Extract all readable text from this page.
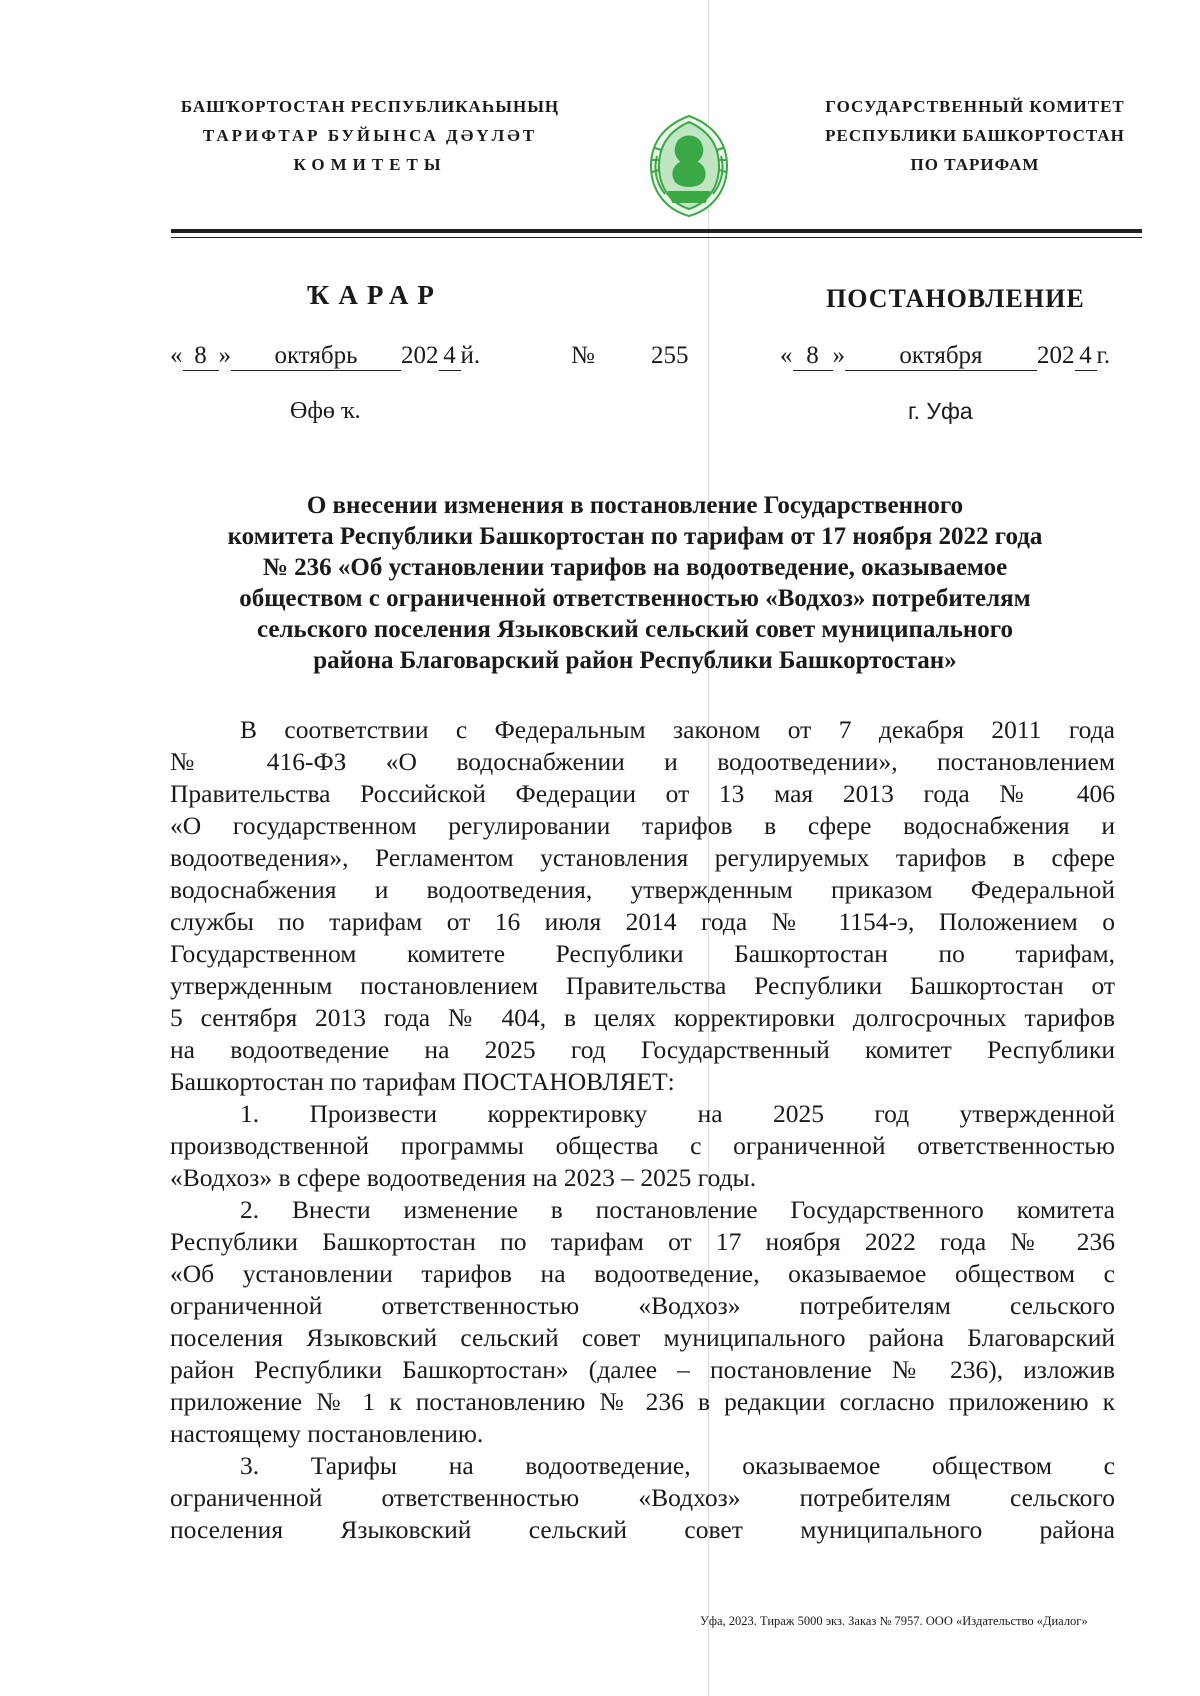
БАШҠОРТОСТАН РЕСПУБЛИКАҺЫНЫҢ
ТАРИФТАР БУЙЫНСА ДӘҮЛӘТ
КОМИТЕТЫ
ГОСУДАРСТВЕННЫЙ КОМИТЕТ
РЕСПУБЛИКИ БАШКОРТОСТАН
ПО ТАРИФАМ
ҠАРАР	ПОСТАНОВЛЕНИЕ
« 8 » октябрь 202 4 й.	№ 255	« 8 » октября 202 4 г.
Өфө ҡ.	г. Уфа
О внесении изменения в постановление Государственного
комитета Республики Башкортостан по тарифам от 17 ноября 2022 года
№ 236 «Об установлении тарифов на водоотведение, оказываемое
обществом с ограниченной ответственностью «Водхоз» потребителям
сельского поселения Языковский сельский совет муниципального
района Благоварский район Республики Башкортостан»
В соответствии с Федеральным законом от 7 декабря 2011 года
№ 416-ФЗ «О водоснабжении и водоотведении», постановлением
Правительства Российской Федерации от 13 мая 2013 года № 406
«О государственном регулировании тарифов в сфере водоснабжения и
водоотведения», Регламентом установления регулируемых тарифов в сфере
водоснабжения и водоотведения, утвержденным приказом Федеральной
службы по тарифам от 16 июля 2014 года № 1154-э, Положением о
Государственном комитете Республики Башкортостан по тарифам,
утвержденным постановлением Правительства Республики Башкортостан от
5 сентября 2013 года № 404, в целях корректировки долгосрочных тарифов
на водоотведение на 2025 год Государственный комитет Республики
Башкортостан по тарифам ПОСТАНОВЛЯЕТ:
1. Произвести корректировку на 2025 год утвержденной
производственной программы общества с ограниченной ответственностью
«Водхоз» в сфере водоотведения на 2023 – 2025 годы.
2. Внести изменение в постановление Государственного комитета
Республики Башкортостан по тарифам от 17 ноября 2022 года № 236
«Об установлении тарифов на водоотведение, оказываемое обществом с
ограниченной ответственностью «Водхоз» потребителям сельского
поселения Языковский сельский совет муниципального района Благоварский
район Республики Башкортостан» (далее – постановление № 236), изложив
приложение № 1 к постановлению № 236 в редакции согласно приложению к
настоящему постановлению.
3. Тарифы на водоотведение, оказываемое обществом с
ограниченной ответственностью «Водхоз» потребителям сельского
поселения Языковский сельский совет муниципального района
Уфа, 2023. Тираж 5000 экз. Заказ № 7957. ООО «Издательство «Диалог»
